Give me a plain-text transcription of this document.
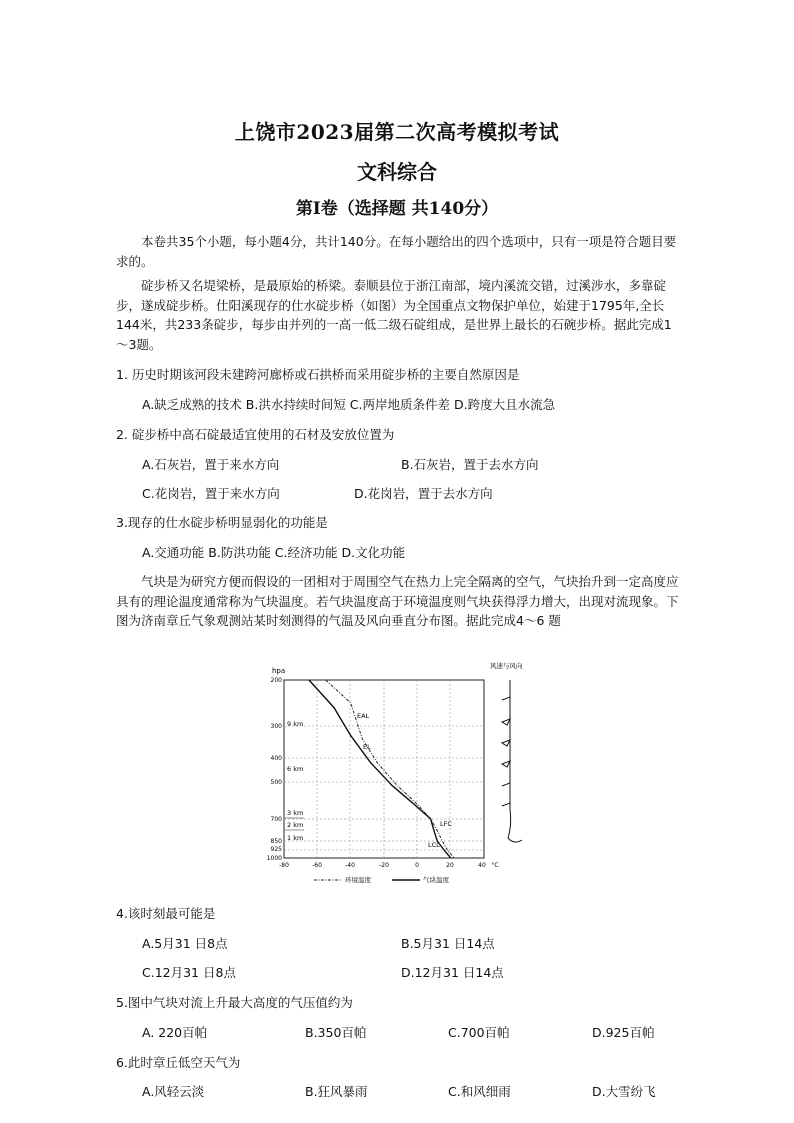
上饶市2023届第二次高考模拟考试
文科综合
第I卷（选择题 共140分）

本卷共35个小题，每小题4分，共计140分。在每小题给出的四个选项中，只有一项是符合题目要求的。

碇步桥又名堤梁桥，是最原始的桥梁。泰顺县位于浙江南部，境内溪流交错，过溪涉水，多靠碇步，遂成碇步桥。仕阳溪现存的仕水碇步桥（如图）为全国重点文物保护单位，始建于1795年,全长144米，共233条碇步，每步由并列的一高一低二级石碇组成，是世界上最长的石碗步桥。据此完成1～3题。

1. 历史时期该河段未建跨河廊桥或石拱桥而采用碇步桥的主要自然原因是

A.缺乏成熟的技术 B.洪水持续时间短 C.两岸地质条件差 D.跨度大且水流急

2. 碇步桥中高石碇最适宜使用的石材及安放位置为

A.石灰岩，置于来水方向	B.石灰岩，置于去水方向

C.花岗岩，置于来水方向	D.花岗岩，置于去水方向

3.现存的仕水碇步桥明显弱化的功能是

A.交通功能 B.防洪功能 C.经济功能 D.文化功能

气块是为研究方便而假设的一团相对于周围空气在热力上完全隔离的空气，气块抬升到一定高度应具有的理论温度通常称为气块温度。若气块温度高于环境温度则气块获得浮力增大，出现对流现象。下图为济南章丘气象观测站某时刻测得的气温及风向垂直分布图。据此完成4～6 题

hpa
风速与风向
200
300
400
500
700
850
925
1000
9 km
6 km
3 km
2 km
1 km
-80	-60	-40	-20	0	20	40 °C
EAL
EL
LFC
LCL
环境温度	气块温度

4.该时刻最可能是

A.5月31 日8点	B.5月31 日14点

C.12月31 日8点	D.12月31 日14点

5.图中气块对流上升最大高度的气压值约为

A. 220百帕	B.350百帕	C.700百帕	D.925百帕

6.此时章丘低空天气为

A.风轻云淡	B.狂风暴雨	C.和风细雨	D.大雪纷飞
